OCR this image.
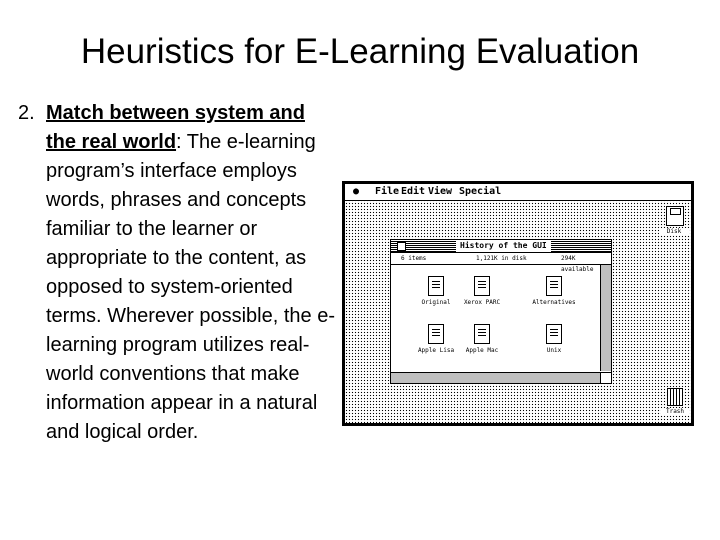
Heuristics for E-Learning Evaluation
2. Match between system and the real world: The e-learning program’s interface employs words, phrases and concepts familiar to the learner or appropriate to the content, as opposed to system-oriented terms. Wherever possible, the e-learning program utilizes real-world conventions that make information appear in a natural and logical order.
● File Edit View Special
Disk
History of the GUI
6 items	1,121K in disk	294K available
Original	Xerox PARC	Alternatives
Apple Lisa	Apple Mac	Unix
Trash
